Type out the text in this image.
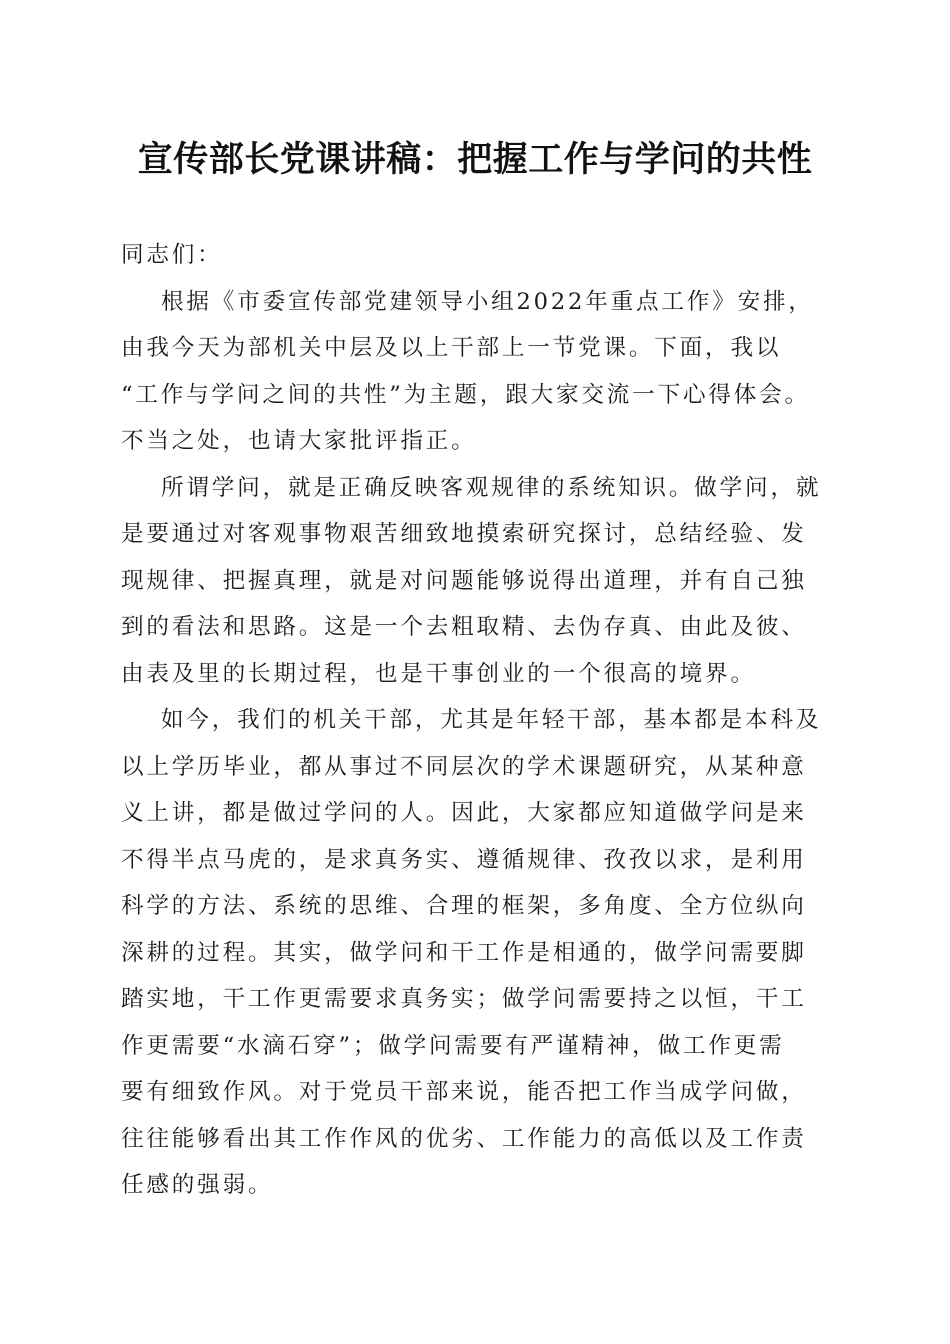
宣传部长党课讲稿：把握工作与学问的共性
同志们：
根据《市委宣传部党建领导小组2022年重点工作》安排，
由我今天为部机关中层及以上干部上一节党课。下面，我以
“工作与学问之间的共性”为主题，跟大家交流一下心得体会。
不当之处，也请大家批评指正。
所谓学问，就是正确反映客观规律的系统知识。做学问，就
是要通过对客观事物艰苦细致地摸索研究探讨，总结经验、发
现规律、把握真理，就是对问题能够说得出道理，并有自己独
到的看法和思路。这是一个去粗取精、去伪存真、由此及彼、
由表及里的长期过程，也是干事创业的一个很高的境界。
如今，我们的机关干部，尤其是年轻干部，基本都是本科及
以上学历毕业，都从事过不同层次的学术课题研究，从某种意
义上讲，都是做过学问的人。因此，大家都应知道做学问是来
不得半点马虎的，是求真务实、遵循规律、孜孜以求，是利用
科学的方法、系统的思维、合理的框架，多角度、全方位纵向
深耕的过程。其实，做学问和干工作是相通的，做学问需要脚
踏实地，干工作更需要求真务实；做学问需要持之以恒，干工
作更需要“水滴石穿”；做学问需要有严谨精神，做工作更需
要有细致作风。对于党员干部来说，能否把工作当成学问做，
往往能够看出其工作作风的优劣、工作能力的高低以及工作责
任感的强弱。
